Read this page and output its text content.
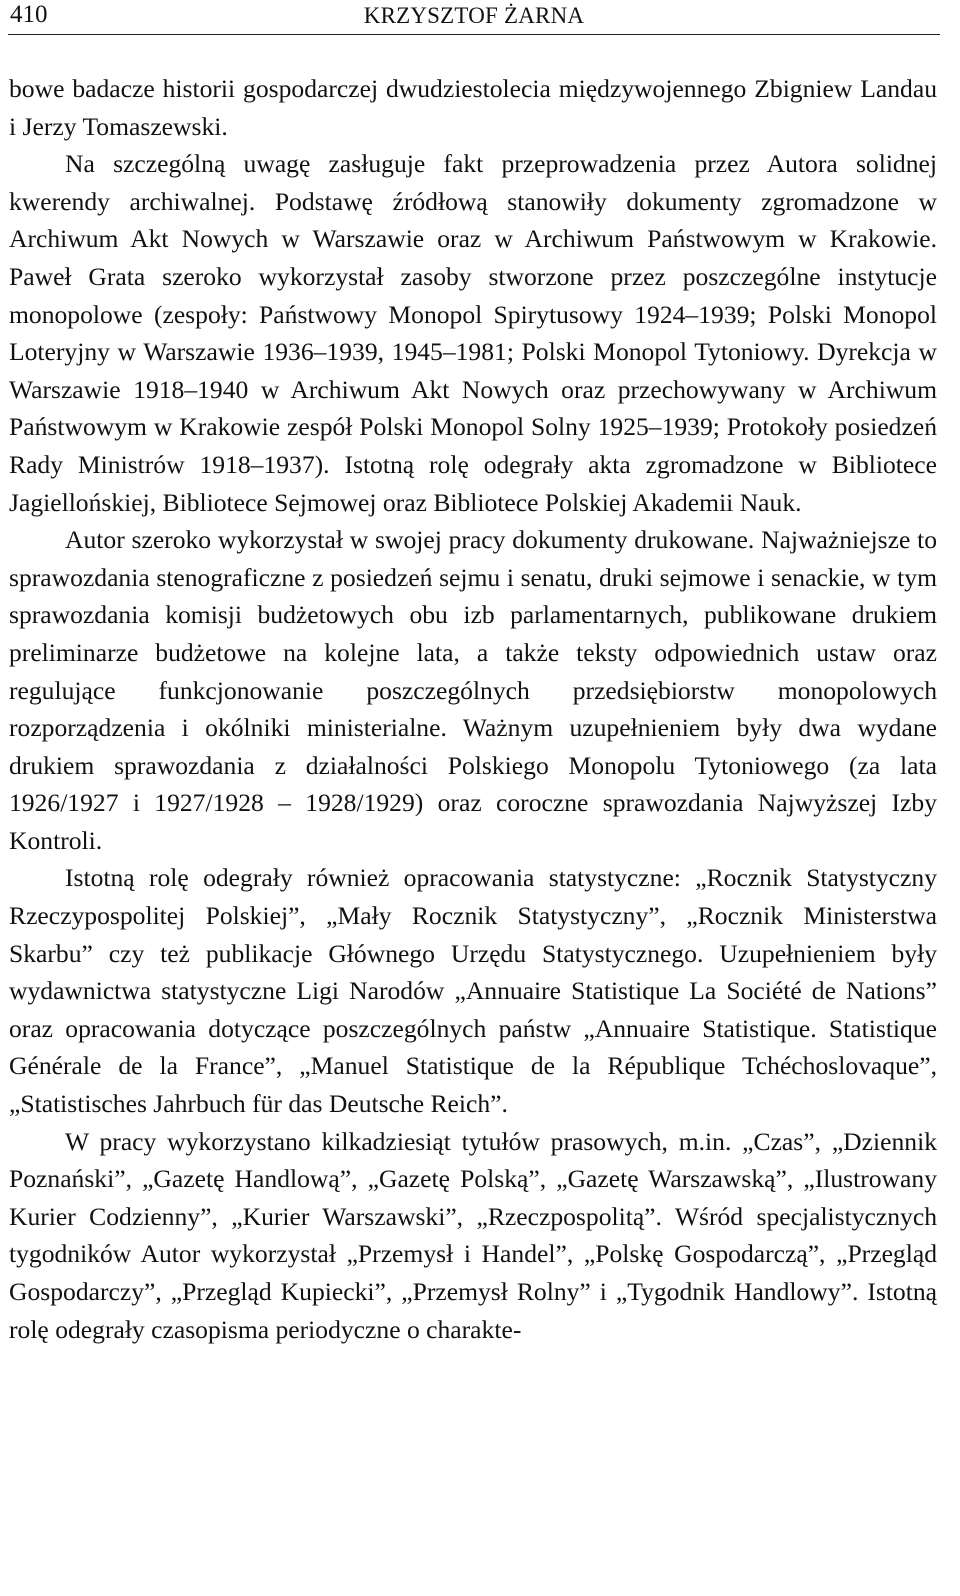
410	KRZYSZTOF ŻARNA

bowe badacze historii gospodarczej dwudziestolecia międzywojennego Zbigniew Landau i Jerzy Tomaszewski.

Na szczególną uwagę zasługuje fakt przeprowadzenia przez Autora solidnej kwerendy archiwalnej. Podstawę źródłową stanowiły dokumenty zgromadzone w Archiwum Akt Nowych w Warszawie oraz w Archiwum Państwowym w Krakowie. Paweł Grata szeroko wykorzystał zasoby stworzone przez poszczególne instytucje monopolowe (zespoły: Państwowy Monopol Spirytusowy 1924–1939; Polski Monopol Loteryjny w Warszawie 1936–1939, 1945–1981; Polski Monopol Tytoniowy. Dyrekcja w Warszawie 1918–1940 w Archiwum Akt Nowych oraz przechowywany w Archiwum Państwowym w Krakowie zespół Polski Monopol Solny 1925–1939; Protokoły posiedzeń Rady Ministrów 1918–1937). Istotną rolę odegrały akta zgromadzone w Bibliotece Jagiellońskiej, Bibliotece Sejmowej oraz Bibliotece Polskiej Akademii Nauk.

Autor szeroko wykorzystał w swojej pracy dokumenty drukowane. Najważniejsze to sprawozdania stenograficzne z posiedzeń sejmu i senatu, druki sejmowe i senackie, w tym sprawozdania komisji budżetowych obu izb parlamentarnych, publikowane drukiem preliminarze budżetowe na kolejne lata, a także teksty odpowiednich ustaw oraz regulujące funkcjonowanie poszczególnych przedsiębiorstw monopolowych rozporządzenia i okólniki ministerialne. Ważnym uzupełnieniem były dwa wydane drukiem sprawozdania z działalności Polskiego Monopolu Tytoniowego (za lata 1926/1927 i 1927/1928 – 1928/1929) oraz coroczne sprawozdania Najwyższej Izby Kontroli.

Istotną rolę odegrały również opracowania statystyczne: „Rocznik Statystyczny Rzeczypospolitej Polskiej”, „Mały Rocznik Statystyczny”, „Rocznik Ministerstwa Skarbu” czy też publikacje Głównego Urzędu Statystycznego. Uzupełnieniem były wydawnictwa statystyczne Ligi Narodów „Annuaire Statistique La Société de Nations” oraz opracowania dotyczące poszczególnych państw „Annuaire Statistique. Statistique Générale de la France”, „Manuel Statistique de la République Tchéchoslovaque”, „Statistisches Jahrbuch für das Deutsche Reich”.

W pracy wykorzystano kilkadziesiąt tytułów prasowych, m.in. „Czas”, „Dziennik Poznański”, „Gazetę Handlową”, „Gazetę Polską”, „Gazetę Warszawską”, „Ilustrowany Kurier Codzienny”, „Kurier Warszawski”, „Rzeczpospolitą”. Wśród specjalistycznych tygodników Autor wykorzystał „Przemysł i Handel”, „Polskę Gospodarczą”, „Przegląd Gospodarczy”, „Przegląd Kupiecki”, „Przemysł Rolny” i „Tygodnik Handlowy”. Istotną rolę odegrały czasopisma periodyczne o charakte-
